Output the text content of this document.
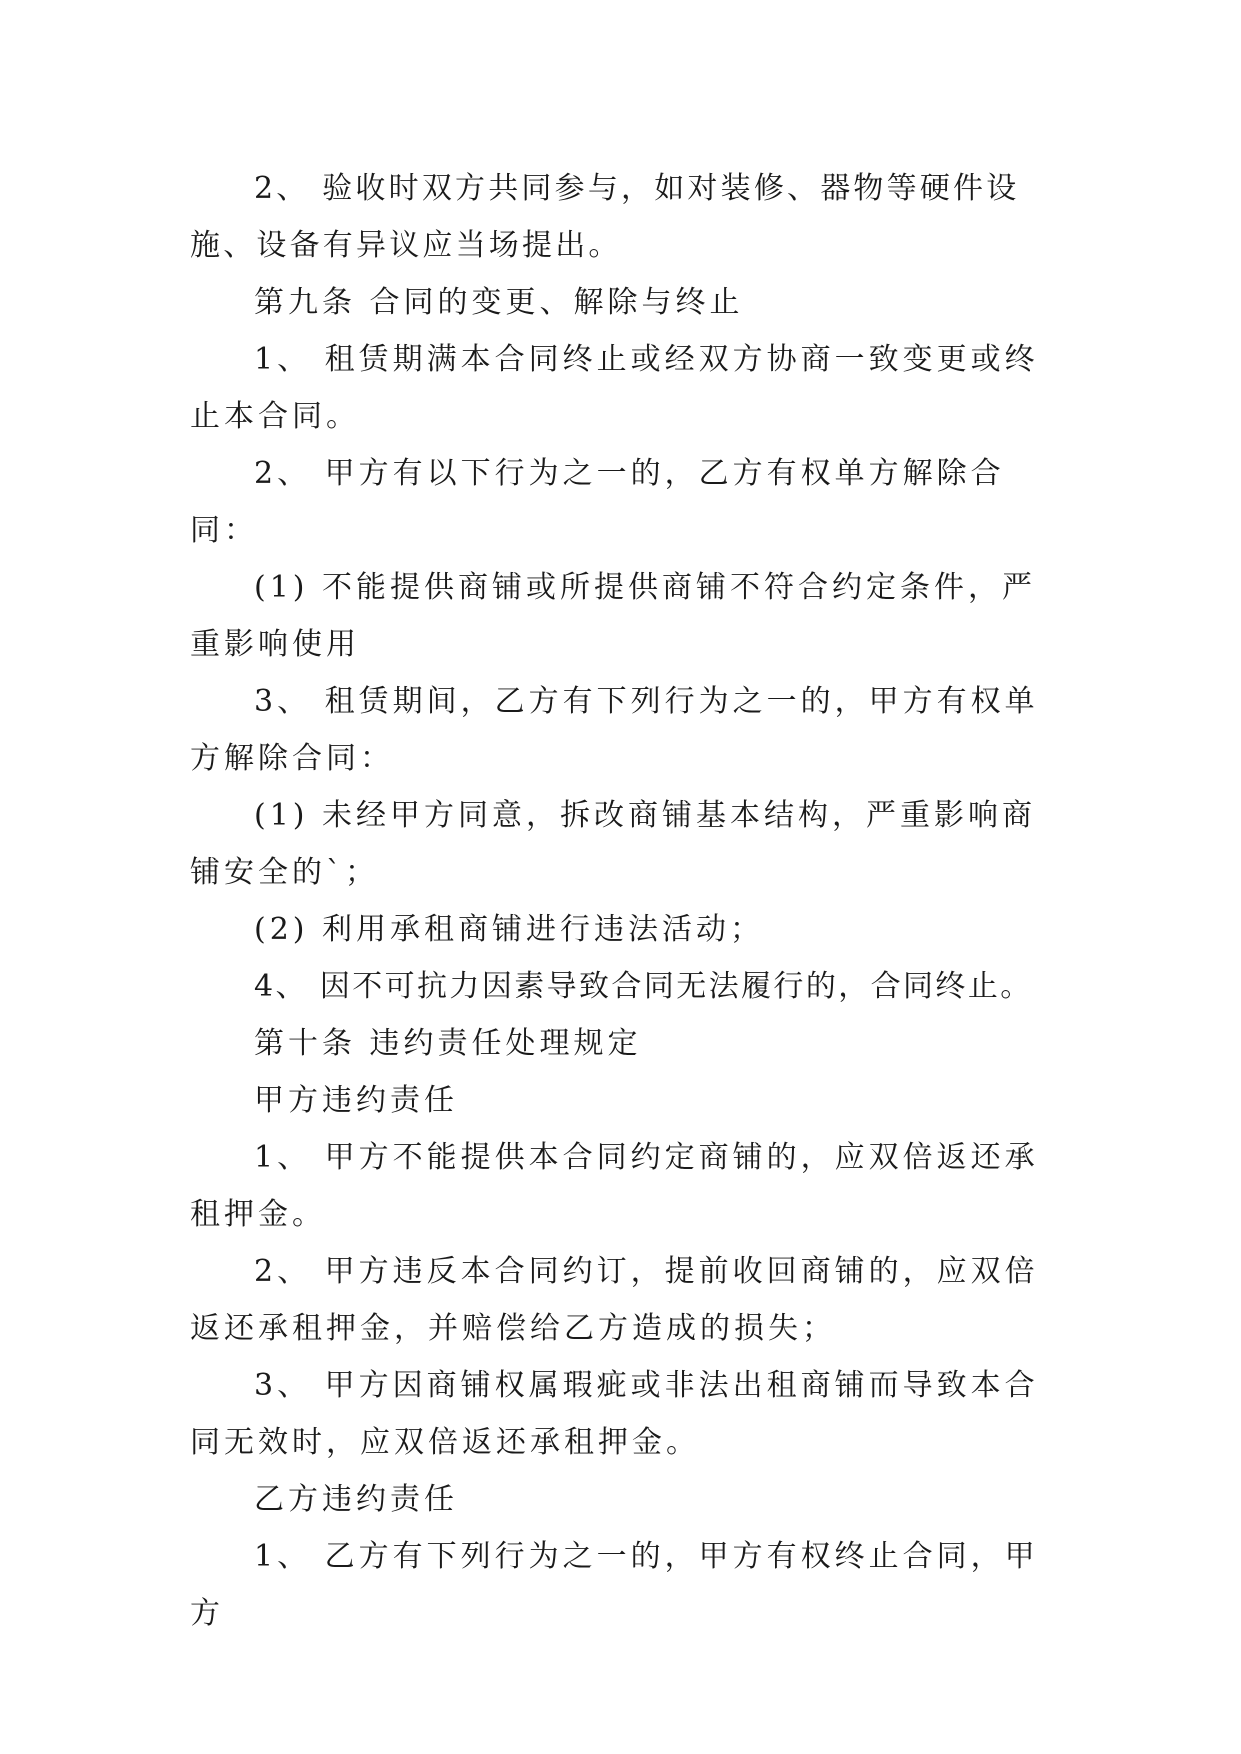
2、 验收时双方共同参与，如对装修、器物等硬件设施、设备有异议应当场提出。

第九条 合同的变更、解除与终止

1、 租赁期满本合同终止或经双方协商一致变更或终止本合同。

2、 甲方有以下行为之一的，乙方有权单方解除合同：

(1) 不能提供商铺或所提供商铺不符合约定条件，严重影响使用

3、 租赁期间，乙方有下列行为之一的，甲方有权单方解除合同：

(1) 未经甲方同意，拆改商铺基本结构，严重影响商铺安全的`；

(2) 利用承租商铺进行违法活动；

4、 因不可抗力因素导致合同无法履行的，合同终止。

第十条 违约责任处理规定

甲方违约责任

1、 甲方不能提供本合同约定商铺的，应双倍返还承租押金。

2、 甲方违反本合同约订，提前收回商铺的，应双倍返还承租押金，并赔偿给乙方造成的损失；

3、 甲方因商铺权属瑕疵或非法出租商铺而导致本合同无效时，应双倍返还承租押金。

乙方违约责任

1、 乙方有下列行为之一的，甲方有权终止合同，甲方
